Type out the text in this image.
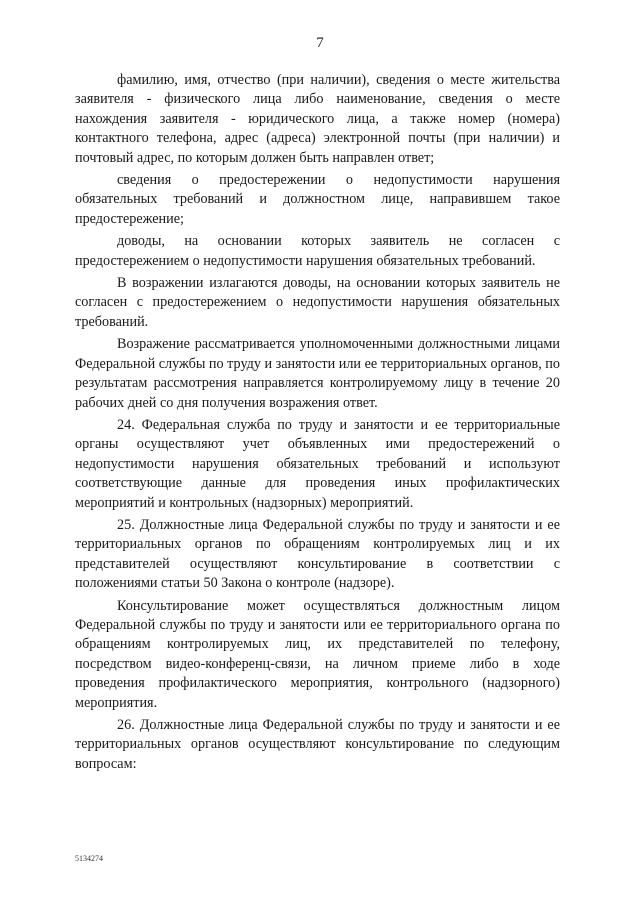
7

фамилию, имя, отчество (при наличии), сведения о месте жительства заявителя - физического лица либо наименование, сведения о месте нахождения заявителя - юридического лица, а также номер (номера) контактного телефона, адрес (адреса) электронной почты (при наличии) и почтовый адрес, по которым должен быть направлен ответ;

сведения о предостережении о недопустимости нарушения обязательных требований и должностном лице, направившем такое предостережение;

доводы, на основании которых заявитель не согласен с предостережением о недопустимости нарушения обязательных требований.

В возражении излагаются доводы, на основании которых заявитель не согласен с предостережением о недопустимости нарушения обязательных требований.

Возражение рассматривается уполномоченными должностными лицами Федеральной службы по труду и занятости или ее территориальных органов, по результатам рассмотрения направляется контролируемому лицу в течение 20 рабочих дней со дня получения возражения ответ.

24. Федеральная служба по труду и занятости и ее территориальные органы осуществляют учет объявленных ими предостережений о недопустимости нарушения обязательных требований и используют соответствующие данные для проведения иных профилактических мероприятий и контрольных (надзорных) мероприятий.

25. Должностные лица Федеральной службы по труду и занятости и ее территориальных органов по обращениям контролируемых лиц и их представителей осуществляют консультирование в соответствии с положениями статьи 50 Закона о контроле (надзоре).

Консультирование может осуществляться должностным лицом Федеральной службы по труду и занятости или ее территориального органа по обращениям контролируемых лиц, их представителей по телефону, посредством видео-конференц-связи, на личном приеме либо в ходе проведения профилактического мероприятия, контрольного (надзорного) мероприятия.

26. Должностные лица Федеральной службы по труду и занятости и ее территориальных органов осуществляют консультирование по следующим вопросам:

5134274
